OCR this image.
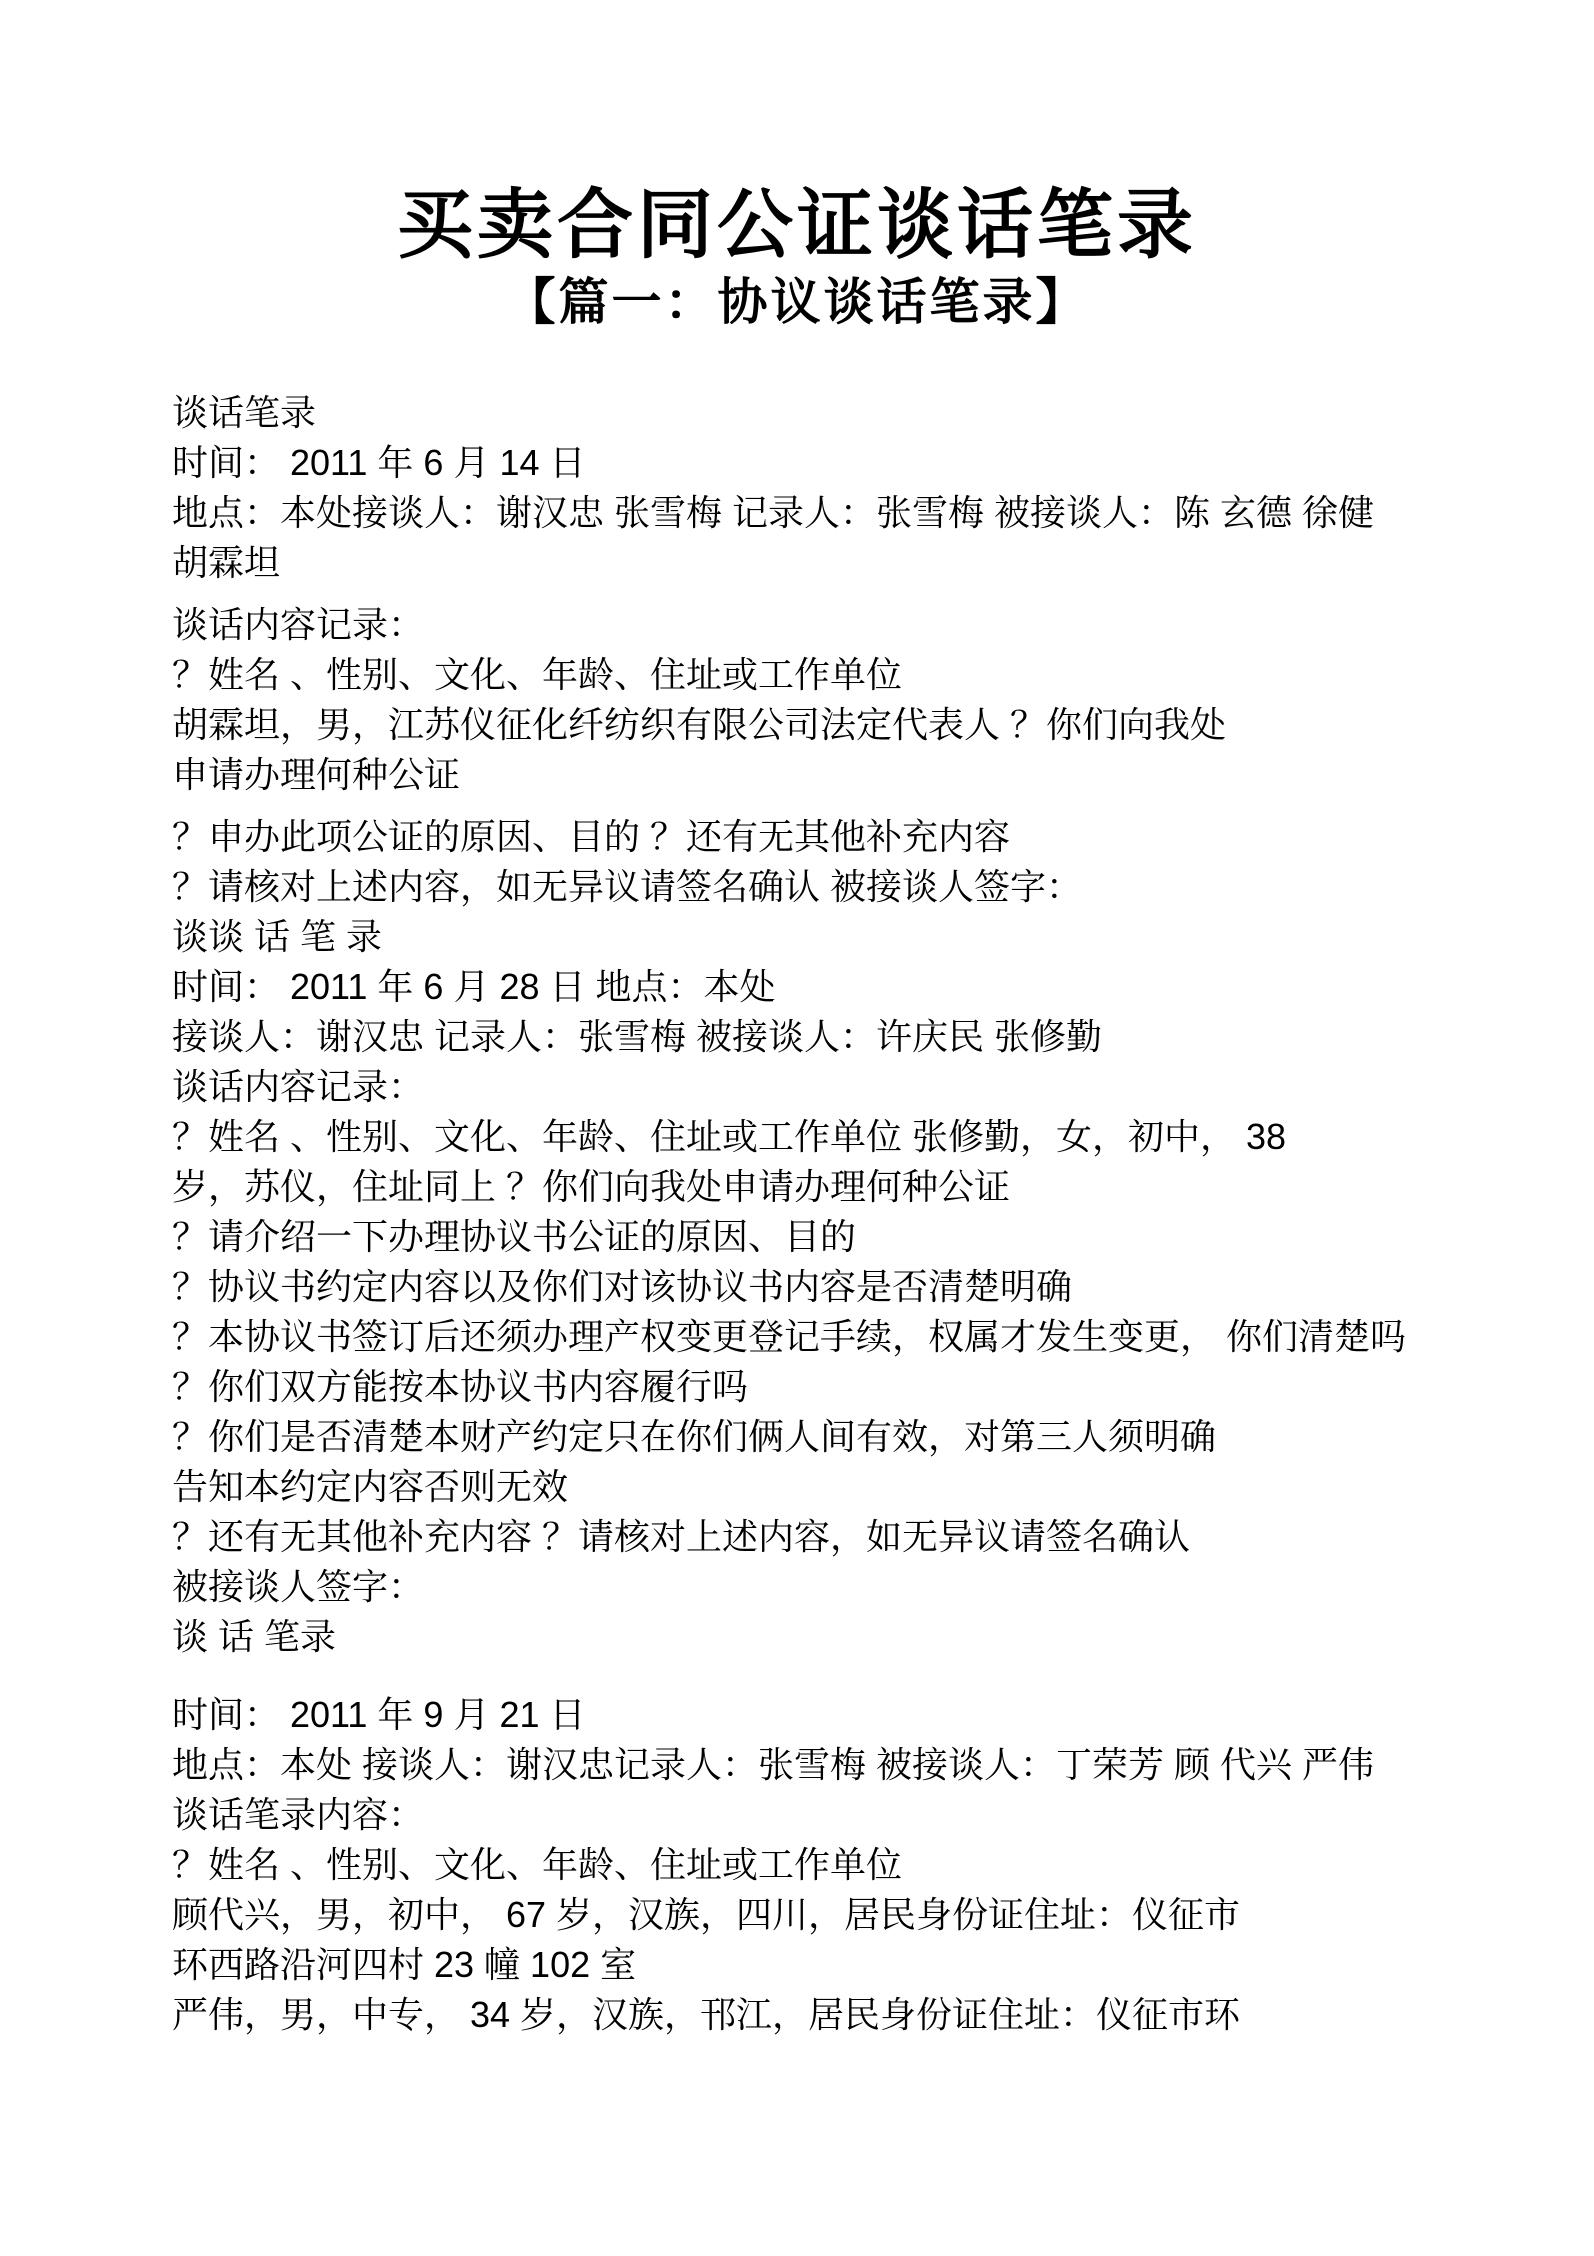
买卖合同公证谈话笔录
【篇一：协议谈话笔录】
谈话笔录
时间： 2011 年 6 月 14 日
地点：本处接谈人：谢汉忠 张雪梅 记录人：张雪梅 被接谈人：陈 玄德 徐健
胡霖坦
谈话内容记录：
？姓名 、性别、文化、年龄、住址或工作单位
胡霖坦，男，江苏仪征化纤纺织有限公司法定代表人 ？你们向我处
申请办理何种公证
？申办此项公证的原因、目的 ？还有无其他补充内容
？请核对上述内容，如无异议请签名确认 被接谈人签字：
谈谈 话 笔 录
时间： 2011 年 6 月 28 日 地点：本处
接谈人：谢汉忠 记录人：张雪梅 被接谈人：许庆民 张修勤
谈话内容记录：
？姓名 、性别、文化、年龄、住址或工作单位 张修勤，女，初中， 38
岁，苏仪，住址同上 ？你们向我处申请办理何种公证
？请介绍一下办理协议书公证的原因、目的
？协议书约定内容以及你们对该协议书内容是否清楚明确
？本协议书签订后还须办理产权变更登记手续，权属才发生变更， 你们清楚吗
？你们双方能按本协议书内容履行吗
？你们是否清楚本财产约定只在你们俩人间有效，对第三人须明确
告知本约定内容否则无效
？还有无其他补充内容 ？请核对上述内容，如无异议请签名确认
被接谈人签字：
谈 话 笔录
时间： 2011 年 9 月 21 日
地点：本处 接谈人：谢汉忠记录人：张雪梅 被接谈人：丁荣芳 顾 代兴 严伟
谈话笔录内容：
？姓名 、性别、文化、年龄、住址或工作单位
顾代兴，男，初中， 67 岁，汉族，四川，居民身份证住址：仪征市
环西路沿河四村 23 幢 102 室
严伟，男，中专， 34 岁，汉族，邗江，居民身份证住址：仪征市环
